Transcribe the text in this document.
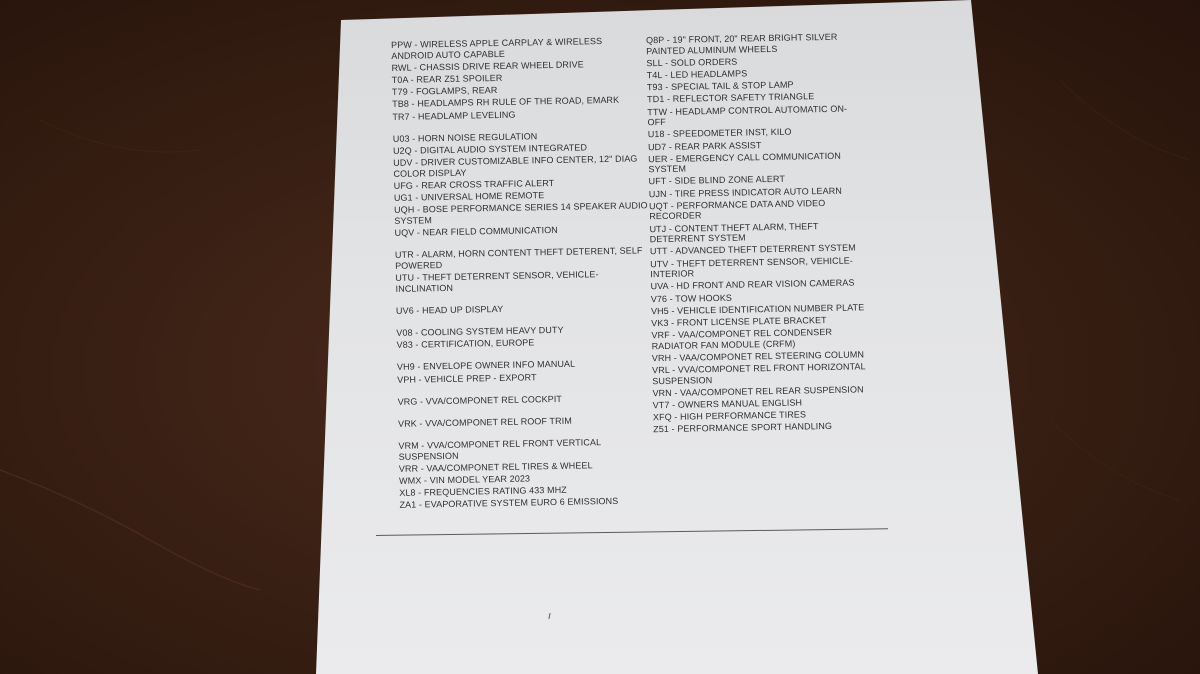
PPW - WIRELESS APPLE CARPLAY & WIRELESS ANDROID AUTO CAPABLE
RWL - CHASSIS DRIVE REAR WHEEL DRIVE
T0A - REAR Z51 SPOILER
T79 - FOGLAMPS, REAR
TB8 - HEADLAMPS RH RULE OF THE ROAD, EMARK
TR7 - HEADLAMP LEVELING
U03 - HORN NOISE REGULATION
U2Q - DIGITAL AUDIO SYSTEM INTEGRATED
UDV - DRIVER CUSTOMIZABLE INFO CENTER, 12" DIAG COLOR DISPLAY
UFG - REAR CROSS TRAFFIC ALERT
UG1 - UNIVERSAL HOME REMOTE
UQH - BOSE PERFORMANCE SERIES 14 SPEAKER AUDIO SYSTEM
UQV - NEAR FIELD COMMUNICATION
UTR - ALARM, HORN CONTENT THEFT DETERENT, SELF POWERED
UTU - THEFT DETERRENT SENSOR, VEHICLE-INCLINATION
UV6 - HEAD UP DISPLAY
V08 - COOLING SYSTEM HEAVY DUTY
V83 - CERTIFICATION, EUROPE
VH9 - ENVELOPE OWNER INFO MANUAL
VPH - VEHICLE PREP - EXPORT
VRG - VVA/COMPONET REL COCKPIT
VRK - VVA/COMPONET REL ROOF TRIM
VRM - VVA/COMPONET REL FRONT VERTICAL SUSPENSION
VRR - VAA/COMPONET REL TIRES & WHEEL
WMX - VIN MODEL YEAR 2023
XL8 - FREQUENCIES RATING 433 MHZ
ZA1 - EVAPORATIVE SYSTEM EURO 6 EMISSIONS
Q8P - 19" FRONT, 20" REAR BRIGHT SILVER PAINTED ALUMINUM WHEELS
SLL - SOLD ORDERS
T4L - LED HEADLAMPS
T93 - SPECIAL TAIL & STOP LAMP
TD1 - REFLECTOR SAFETY TRIANGLE
TTW - HEADLAMP CONTROL AUTOMATIC ON-OFF
U18 - SPEEDOMETER INST, KILO
UD7 - REAR PARK ASSIST
UER - EMERGENCY CALL COMMUNICATION SYSTEM
UFT - SIDE BLIND ZONE ALERT
UJN - TIRE PRESS INDICATOR AUTO LEARN
UQT - PERFORMANCE DATA AND VIDEO RECORDER
UTJ - CONTENT THEFT ALARM, THEFT DETERRENT SYSTEM
UTT - ADVANCED THEFT DETERRENT SYSTEM
UTV - THEFT DETERRENT SENSOR, VEHICLE-INTERIOR
UVA - HD FRONT AND REAR VISION CAMERAS
V76 - TOW HOOKS
VH5 - VEHICLE IDENTIFICATION NUMBER PLATE
VK3 - FRONT LICENSE PLATE BRACKET
VRF - VAA/COMPONET REL CONDENSER RADIATOR FAN MODULE (CRFM)
VRH - VAA/COMPONET REL STEERING COLUMN
VRL - VVA/COMPONET REL FRONT HORIZONTAL SUSPENSION
VRN - VAA/COMPONET REL REAR SUSPENSION
VT7 - OWNERS MANUAL ENGLISH
XFQ - HIGH PERFORMANCE TIRES
Z51 - PERFORMANCE SPORT HANDLING
